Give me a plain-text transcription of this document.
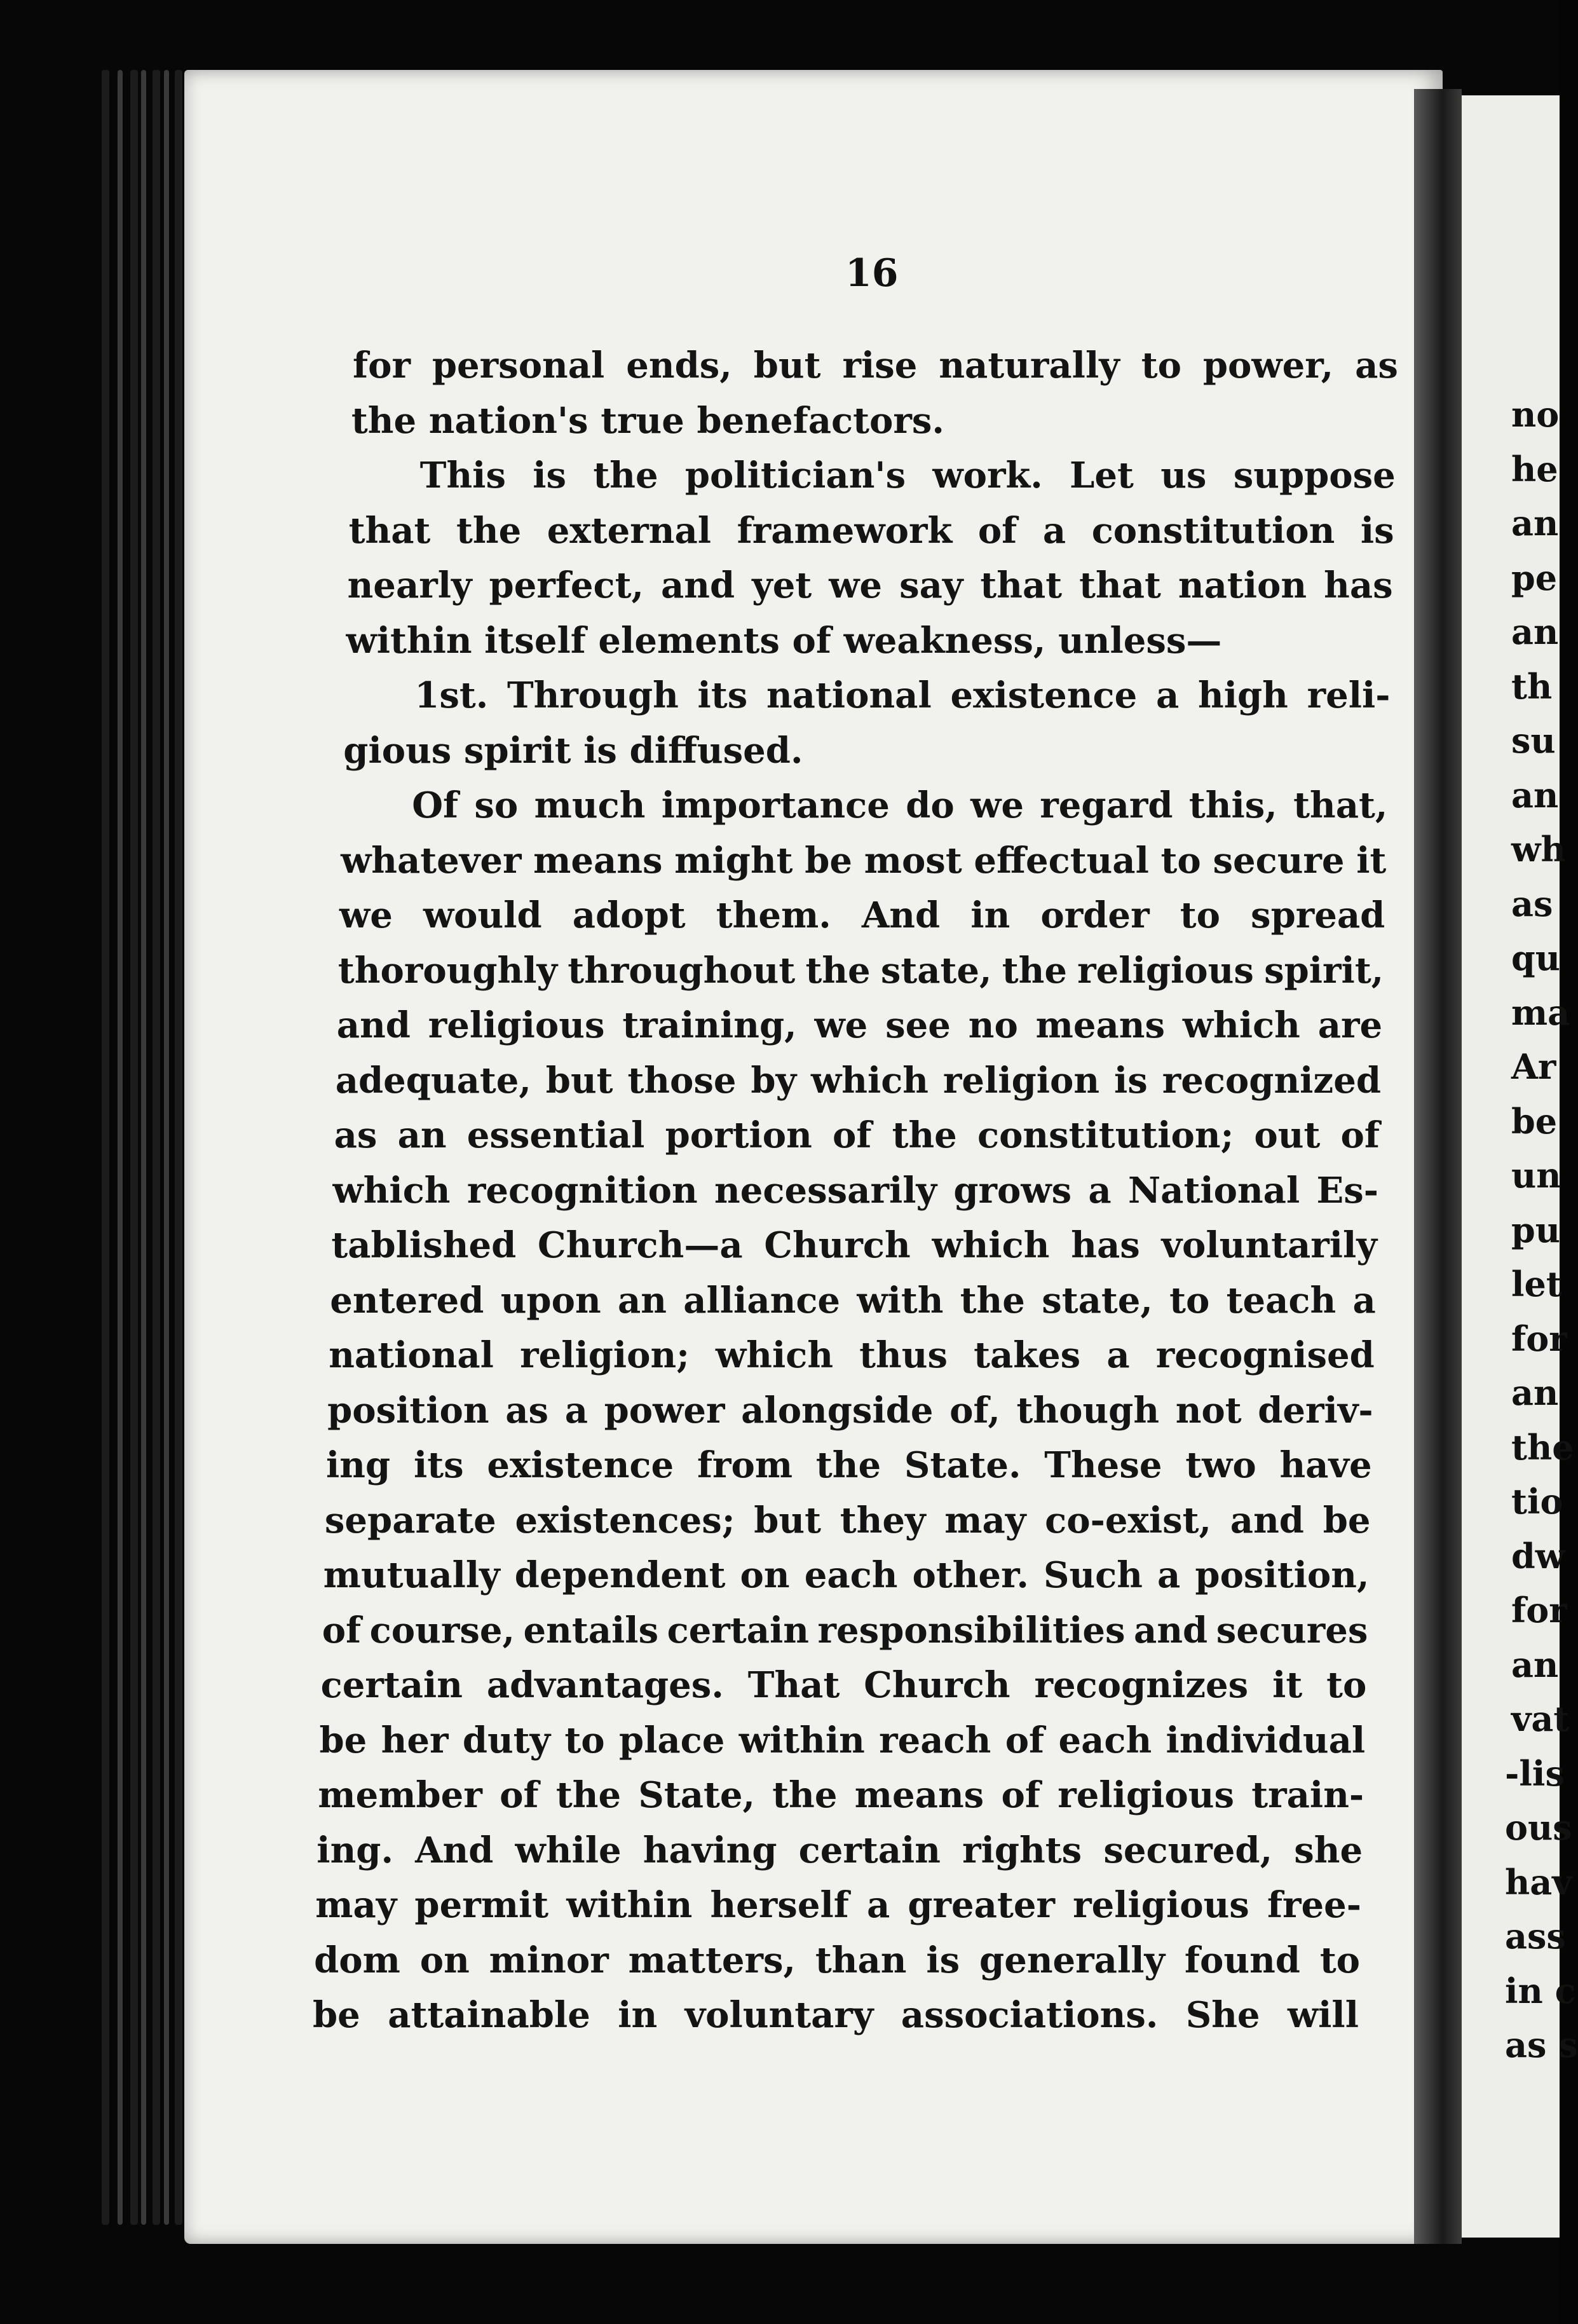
no
he
an
pe
an
th
su
an
wh
as
qu
ma
Ar
be
un
pu
let
for
an
the
tio
dw
for
an
vat
-lis
ous
hav
ass
in c
as s
16
for personal ends, but rise naturally to power, as
the nation's true benefactors.
This is the politician's work. Let us suppose
that the external framework of a constitution is
nearly perfect, and yet we say that that nation has
within itself elements of weakness, unless—
1st. Through its national existence a high reli-
gious spirit is diffused.
Of so much importance do we regard this, that,
whatever means might be most effectual to secure it
we would adopt them. And in order to spread
thoroughly throughout the state, the religious spirit,
and religious training, we see no means which are
adequate, but those by which religion is recognized
as an essential portion of the constitution; out of
which recognition necessarily grows a National Es-
tablished Church—a Church which has voluntarily
entered upon an alliance with the state, to teach a
national religion; which thus takes a recognised
position as a power alongside of, though not deriv-
ing its existence from the State. These two have
separate existences; but they may co-exist, and be
mutually dependent on each other. Such a position,
of course, entails certain responsibilities and secures
certain advantages. That Church recognizes it to
be her duty to place within reach of each individual
member of the State, the means of religious train-
ing. And while having certain rights secured, she
may permit within herself a greater religious free-
dom on minor matters, than is generally found to
be attainable in voluntary associations. She will
